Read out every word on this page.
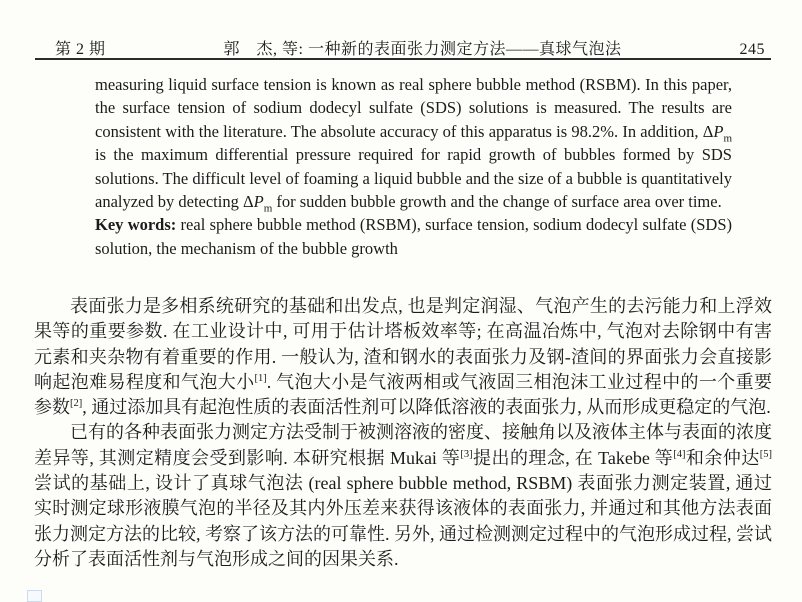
第 2 期	郭　杰, 等: 一种新的表面张力测定方法——真球气泡法	245

measuring liquid surface tension is known as real sphere bubble method (RSBM). In this paper, the surface tension of sodium dodecyl sulfate (SDS) solutions is measured. The results are consistent with the literature. The absolute accuracy of this apparatus is 98.2%. In addition, $\Delta P_m$ is the maximum differential pressure required for rapid growth of bubbles formed by SDS solutions. The difficult level of foaming a liquid bubble and the size of a bubble is quantitatively analyzed by detecting $\Delta P_m$ for sudden bubble growth and the change of surface area over time.

Key words: real sphere bubble method (RSBM), surface tension, sodium dodecyl sulfate (SDS) solution, the mechanism of the bubble growth

表面张力是多相系统研究的基础和出发点, 也是判定润湿、气泡产生的去污能力和上浮效果等的重要参数. 在工业设计中, 可用于估计塔板效率等; 在高温冶炼中, 气泡对去除钢中有害元素和夹杂物有着重要的作用. 一般认为, 渣和钢水的表面张力及钢-渣间的界面张力会直接影响起泡难易程度和气泡大小[1]. 气泡大小是气液两相或气液固三相泡沫工业过程中的一个重要参数[2], 通过添加具有起泡性质的表面活性剂可以降低溶液的表面张力, 从而形成更稳定的气泡.

已有的各种表面张力测定方法受制于被测溶液的密度、接触角以及液体主体与表面的浓度差异等, 其测定精度会受到影响. 本研究根据 Mukai 等[3]提出的理念, 在 Takebe 等[4]和余仲达[5]尝试的基础上, 设计了真球气泡法 (real sphere bubble method, RSBM) 表面张力测定装置, 通过实时测定球形液膜气泡的半径及其内外压差来获得该液体的表面张力, 并通过和其他方法表面张力测定方法的比较, 考察了该方法的可靠性. 另外, 通过检测测定过程中的气泡形成过程, 尝试分析了表面活性剂与气泡形成之间的因果关系.
